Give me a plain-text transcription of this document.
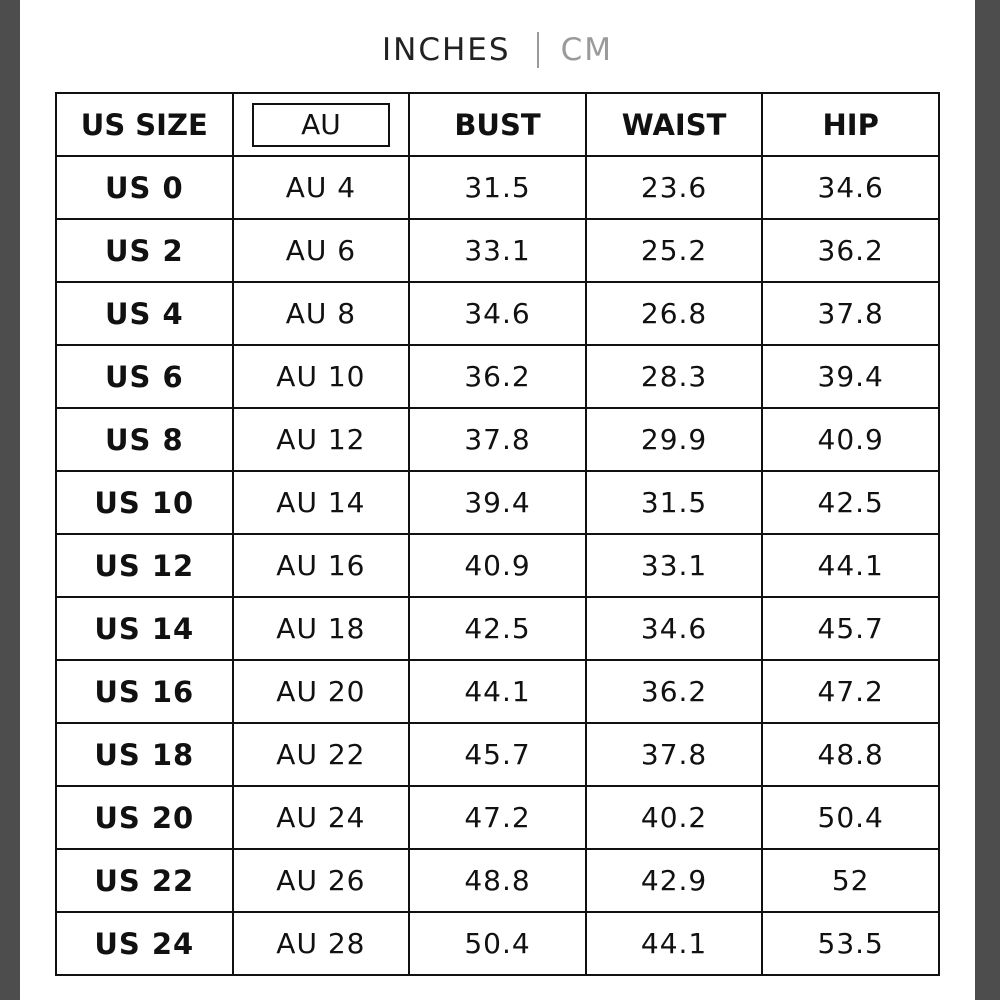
INCHES CM
US SIZE	AU	BUST	WAIST	HIP
US 0	AU 4	31.5	23.6	34.6
US 2	AU 6	33.1	25.2	36.2
US 4	AU 8	34.6	26.8	37.8
US 6	AU 10	36.2	28.3	39.4
US 8	AU 12	37.8	29.9	40.9
US 10	AU 14	39.4	31.5	42.5
US 12	AU 16	40.9	33.1	44.1
US 14	AU 18	42.5	34.6	45.7
US 16	AU 20	44.1	36.2	47.2
US 18	AU 22	45.7	37.8	48.8
US 20	AU 24	47.2	40.2	50.4
US 22	AU 26	48.8	42.9	52
US 24	AU 28	50.4	44.1	53.5
